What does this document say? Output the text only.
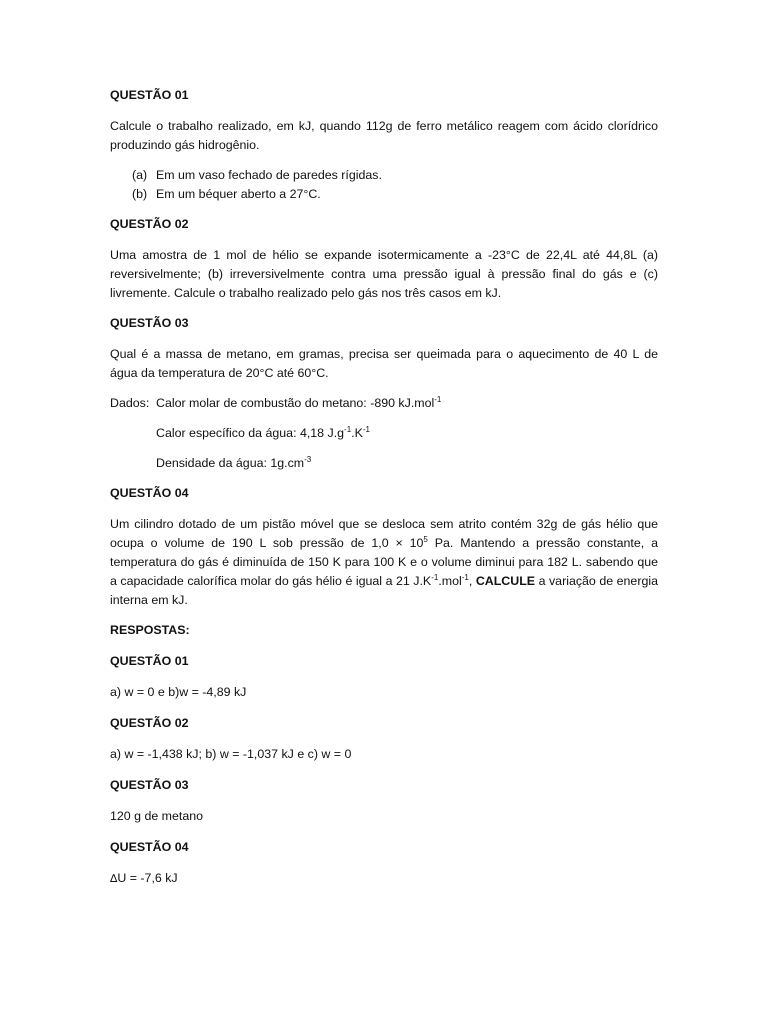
QUESTÃO 01

Calcule o trabalho realizado, em kJ, quando 112g de ferro metálico reagem com ácido clorídrico produzindo gás hidrogênio.

(a) Em um vaso fechado de paredes rígidas.
(b) Em um béquer aberto a 27°C.
QUESTÃO 02

Uma amostra de 1 mol de hélio se expande isotermicamente a -23°C de 22,4L até 44,8L (a) reversivelmente; (b) irreversivelmente contra uma pressão igual à pressão final do gás e (c) livremente. Calcule o trabalho realizado pelo gás nos três casos em kJ.

QUESTÃO 03

Qual é a massa de metano, em gramas, precisa ser queimada para o aquecimento de 40 L de água da temperatura de 20°C até 60°C.

Dados: Calor molar de combustão do metano: -890 kJ.mol$^{-1}$
Calor específico da água: 4,18 $J.g^{-1}.K^{-1}$
Densidade da água: $1g.cm^{-3}$
QUESTÃO 04

Um cilindro dotado de um pistão móvel que se desloca sem atrito contém 32g de gás hélio que ocupa o volume de 190 L sob pressão de $1,0 \times 10^5$ Pa. Mantendo a pressão constante, a temperatura do gás é diminuída de 150 K para 100 K e o volume diminui para 182 L. sabendo que a capacidade calorífica molar do gás hélio é igual a 21 $J.K^{-1}.mol^{-1}$, CALCULE a variação de energia interna em kJ.

RESPOSTAS:
QUESTÃO 01
a) w = 0 e b)w = -4,89 kJ
QUESTÃO 02
a) w = -1,438 kJ; b) w = -1,037 kJ e c) w = 0
QUESTÃO 03
120 g de metano
QUESTÃO 04
∆U = -7,6 kJ
